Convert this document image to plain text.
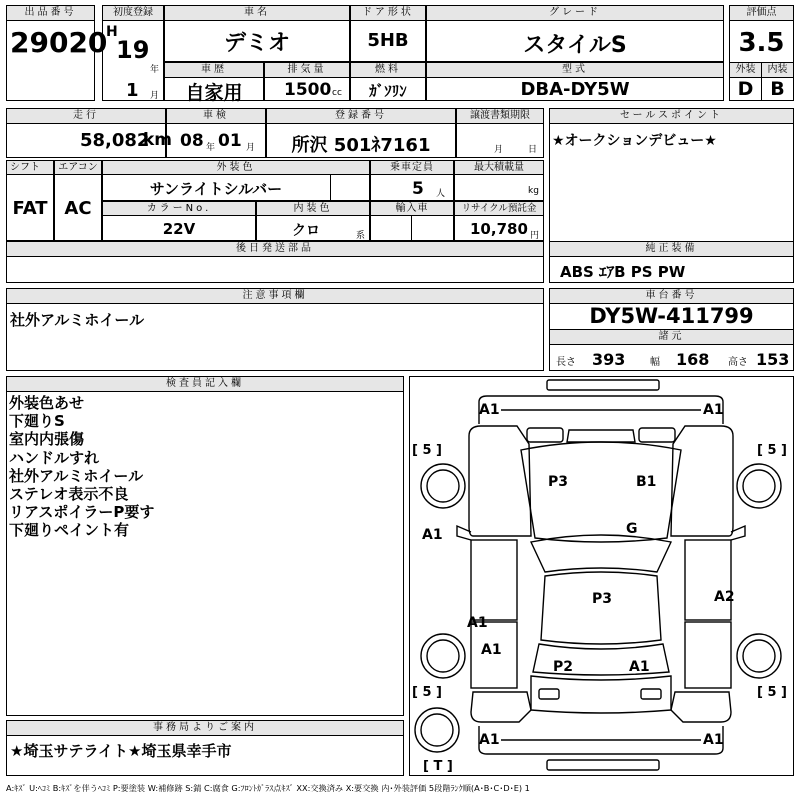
出品番号
29020
初度登録
H
19
年
1 月
車名
デミオ
ドア形状
5HB
グレード
スタイルS
評価点
3.5
外装	内装
D B
車歴
自家用
排気量
1500 cc
燃料
ｶﾞｿﾘﾝ
型式
DBA-DY5W
走行
58,082
km
車検
08 年 01 月
登録番号
所沢 501ﾈ7161
譲渡書類期限
月	日
セールスポイント
★オークションデビュー★
シフト
FAT
エアコン
AC
外装色
サンライトシルバー
乗車定員
5 人
最大積載量
kg
カラーNo.
22V
内装色
クロ	系
輸入車	リサイクル預託金
10,780 円
後日発送部品	純正装備
ABS ｴｱB PS PW
注意事項欄
社外アルミホイール
車台番号
DY5W-411799
諸元
長さ 393 幅 168 高さ 153
検査員記入欄
外装色あせ
下廻りS
室内内張傷
ハンドルすれ
社外アルミホイール
ステレオ表示不良
リアスポイラーP要す
下廻りペイント有
事務局よりご案内
★埼玉サテライト★埼玉県幸手市
A1	A1
P3	B1
G
A1
P3	A2
A1
A1
P2	A1
A1	A1
[ 5 ]	[ 5 ]
[ 5 ]	[ 5 ]
[ T ]
A:ｷｽﾞ U:ﾍｺﾐ B:ｷｽﾞを伴うﾍｺﾐ P:要塗装 W:補修跡 S:錆 C:腐食 G:ﾌﾛﾝﾄｶﾞﾗｽ点ｷｽﾞ XX:交換済み X:要交換 内･外装評価 5段階ﾗﾝｸ順(A･B･C･D･E) 1
